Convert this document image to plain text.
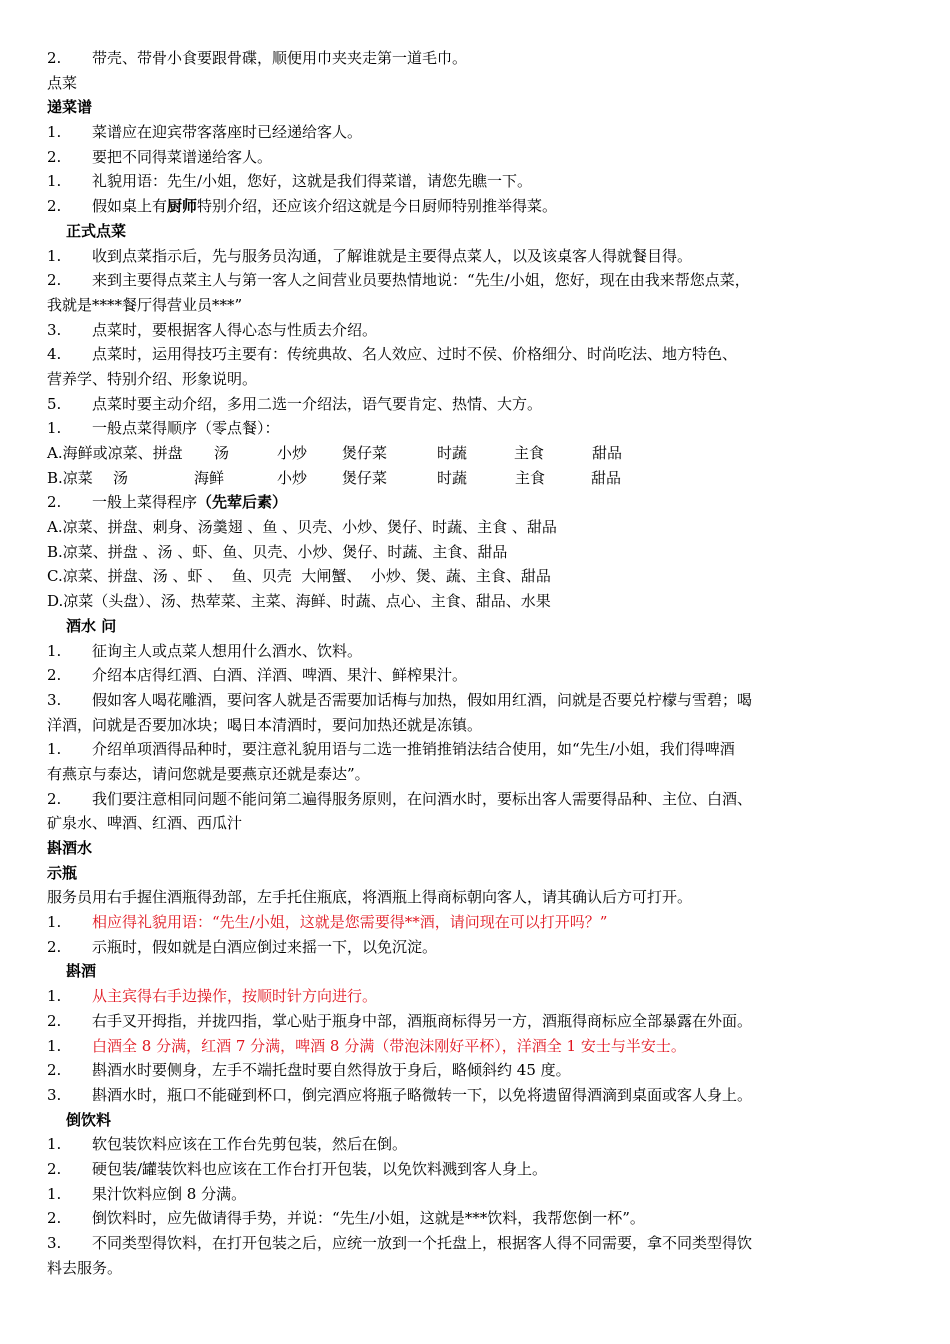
2. 带壳、带骨小食要跟骨碟，顺便用巾夹夹走第一道毛巾。
点菜
递菜谱
1. 菜谱应在迎宾带客落座时已经递给客人。
2. 要把不同得菜谱递给客人。
1. 礼貌用语：先生/小姐，您好，这就是我们得菜谱，请您先瞧一下。
2. 假如桌上有厨师特别介绍，还应该介绍这就是今日厨师特别推举得菜。
正式点菜
1. 收到点菜指示后，先与服务员沟通，了解谁就是主要得点菜人，以及该桌客人得就餐目得。
2. 来到主要得点菜主人与第一客人之间营业员要热情地说：“先生/小姐，您好，现在由我来帮您点菜，
我就是****餐厅得营业员***”
3. 点菜时，要根据客人得心态与性质去介绍。
4. 点菜时，运用得技巧主要有：传统典故、名人效应、过时不侯、价格细分、时尚吃法、地方特色、
营养学、特别介绍、形象说明。
5. 点菜时要主动介绍，多用二选一介绍法，语气要肯定、热情、大方。
1. 一般点菜得顺序（零点餐）：
A.海鲜或凉菜、拼盘 汤	小炒 煲仔菜	时蔬	主食	甜品
B.凉菜 汤	海鲜	小炒 煲仔菜	时蔬	主食	甜品
2. 一般上菜得程序（先荤后素）
A.凉菜、拼盘、刺身、汤羹翅 、鱼 、贝壳、小炒、煲仔、时蔬、主食 、甜品
B.凉菜、拼盘 、汤 、虾、鱼、贝壳、小炒、煲仔、时蔬、主食、甜品
C.凉菜、拼盘、汤 、虾 、  鱼、贝壳  大闸蟹、  小炒、煲、蔬、主食、甜品
D.凉菜（头盘）、汤、热荤菜、主菜、海鲜、时蔬、点心、主食、甜品、水果
酒水 问
1. 征询主人或点菜人想用什么酒水、饮料。
2. 介绍本店得红酒、白酒、洋酒、啤酒、果汁、鲜榨果汁。
3. 假如客人喝花雕酒，要问客人就是否需要加话梅与加热，假如用红酒，问就是否要兑柠檬与雪碧；喝
洋酒，问就是否要加冰块；喝日本清酒时，要问加热还就是冻镇。
1. 介绍单项酒得品种时，要注意礼貌用语与二选一推销推销法结合使用，如“先生/小姐，我们得啤酒
有燕京与泰达，请问您就是要燕京还就是泰达”。
2. 我们要注意相同问题不能问第二遍得服务原则，在问酒水时，要标出客人需要得品种、主位、白酒、
矿泉水、啤酒、红酒、西瓜汁
斟酒水
示瓶
服务员用右手握住酒瓶得劲部，左手托住瓶底，将酒瓶上得商标朝向客人，请其确认后方可打开。
1. 相应得礼貌用语：“先生/小姐，这就是您需要得**酒，请问现在可以打开吗？”
2. 示瓶时，假如就是白酒应倒过来摇一下，以免沉淀。
斟酒
1. 从主宾得右手边操作，按顺时针方向进行。
2. 右手叉开拇指，并拢四指，掌心贴于瓶身中部，酒瓶商标得另一方，酒瓶得商标应全部暴露在外面。
1. 白酒全 8 分满，红酒 7 分满，啤酒 8 分满（带泡沫刚好平杯），洋酒全 1 安士与半安士。
2. 斟酒水时要侧身，左手不端托盘时要自然得放于身后，略倾斜约 45 度。
3. 斟酒水时，瓶口不能碰到杯口，倒完酒应将瓶子略微转一下，以免将遗留得酒滴到桌面或客人身上。
倒饮料
1. 软包装饮料应该在工作台先剪包装，然后在倒。
2. 硬包装/罐装饮料也应该在工作台打开包装，以免饮料溅到客人身上。
1. 果汁饮料应倒 8 分满。
2. 倒饮料时，应先做请得手势，并说：“先生/小姐，这就是***饮料，我帮您倒一杯”。
3. 不同类型得饮料，在打开包装之后，应统一放到一个托盘上，根据客人得不同需要，拿不同类型得饮
料去服务。
